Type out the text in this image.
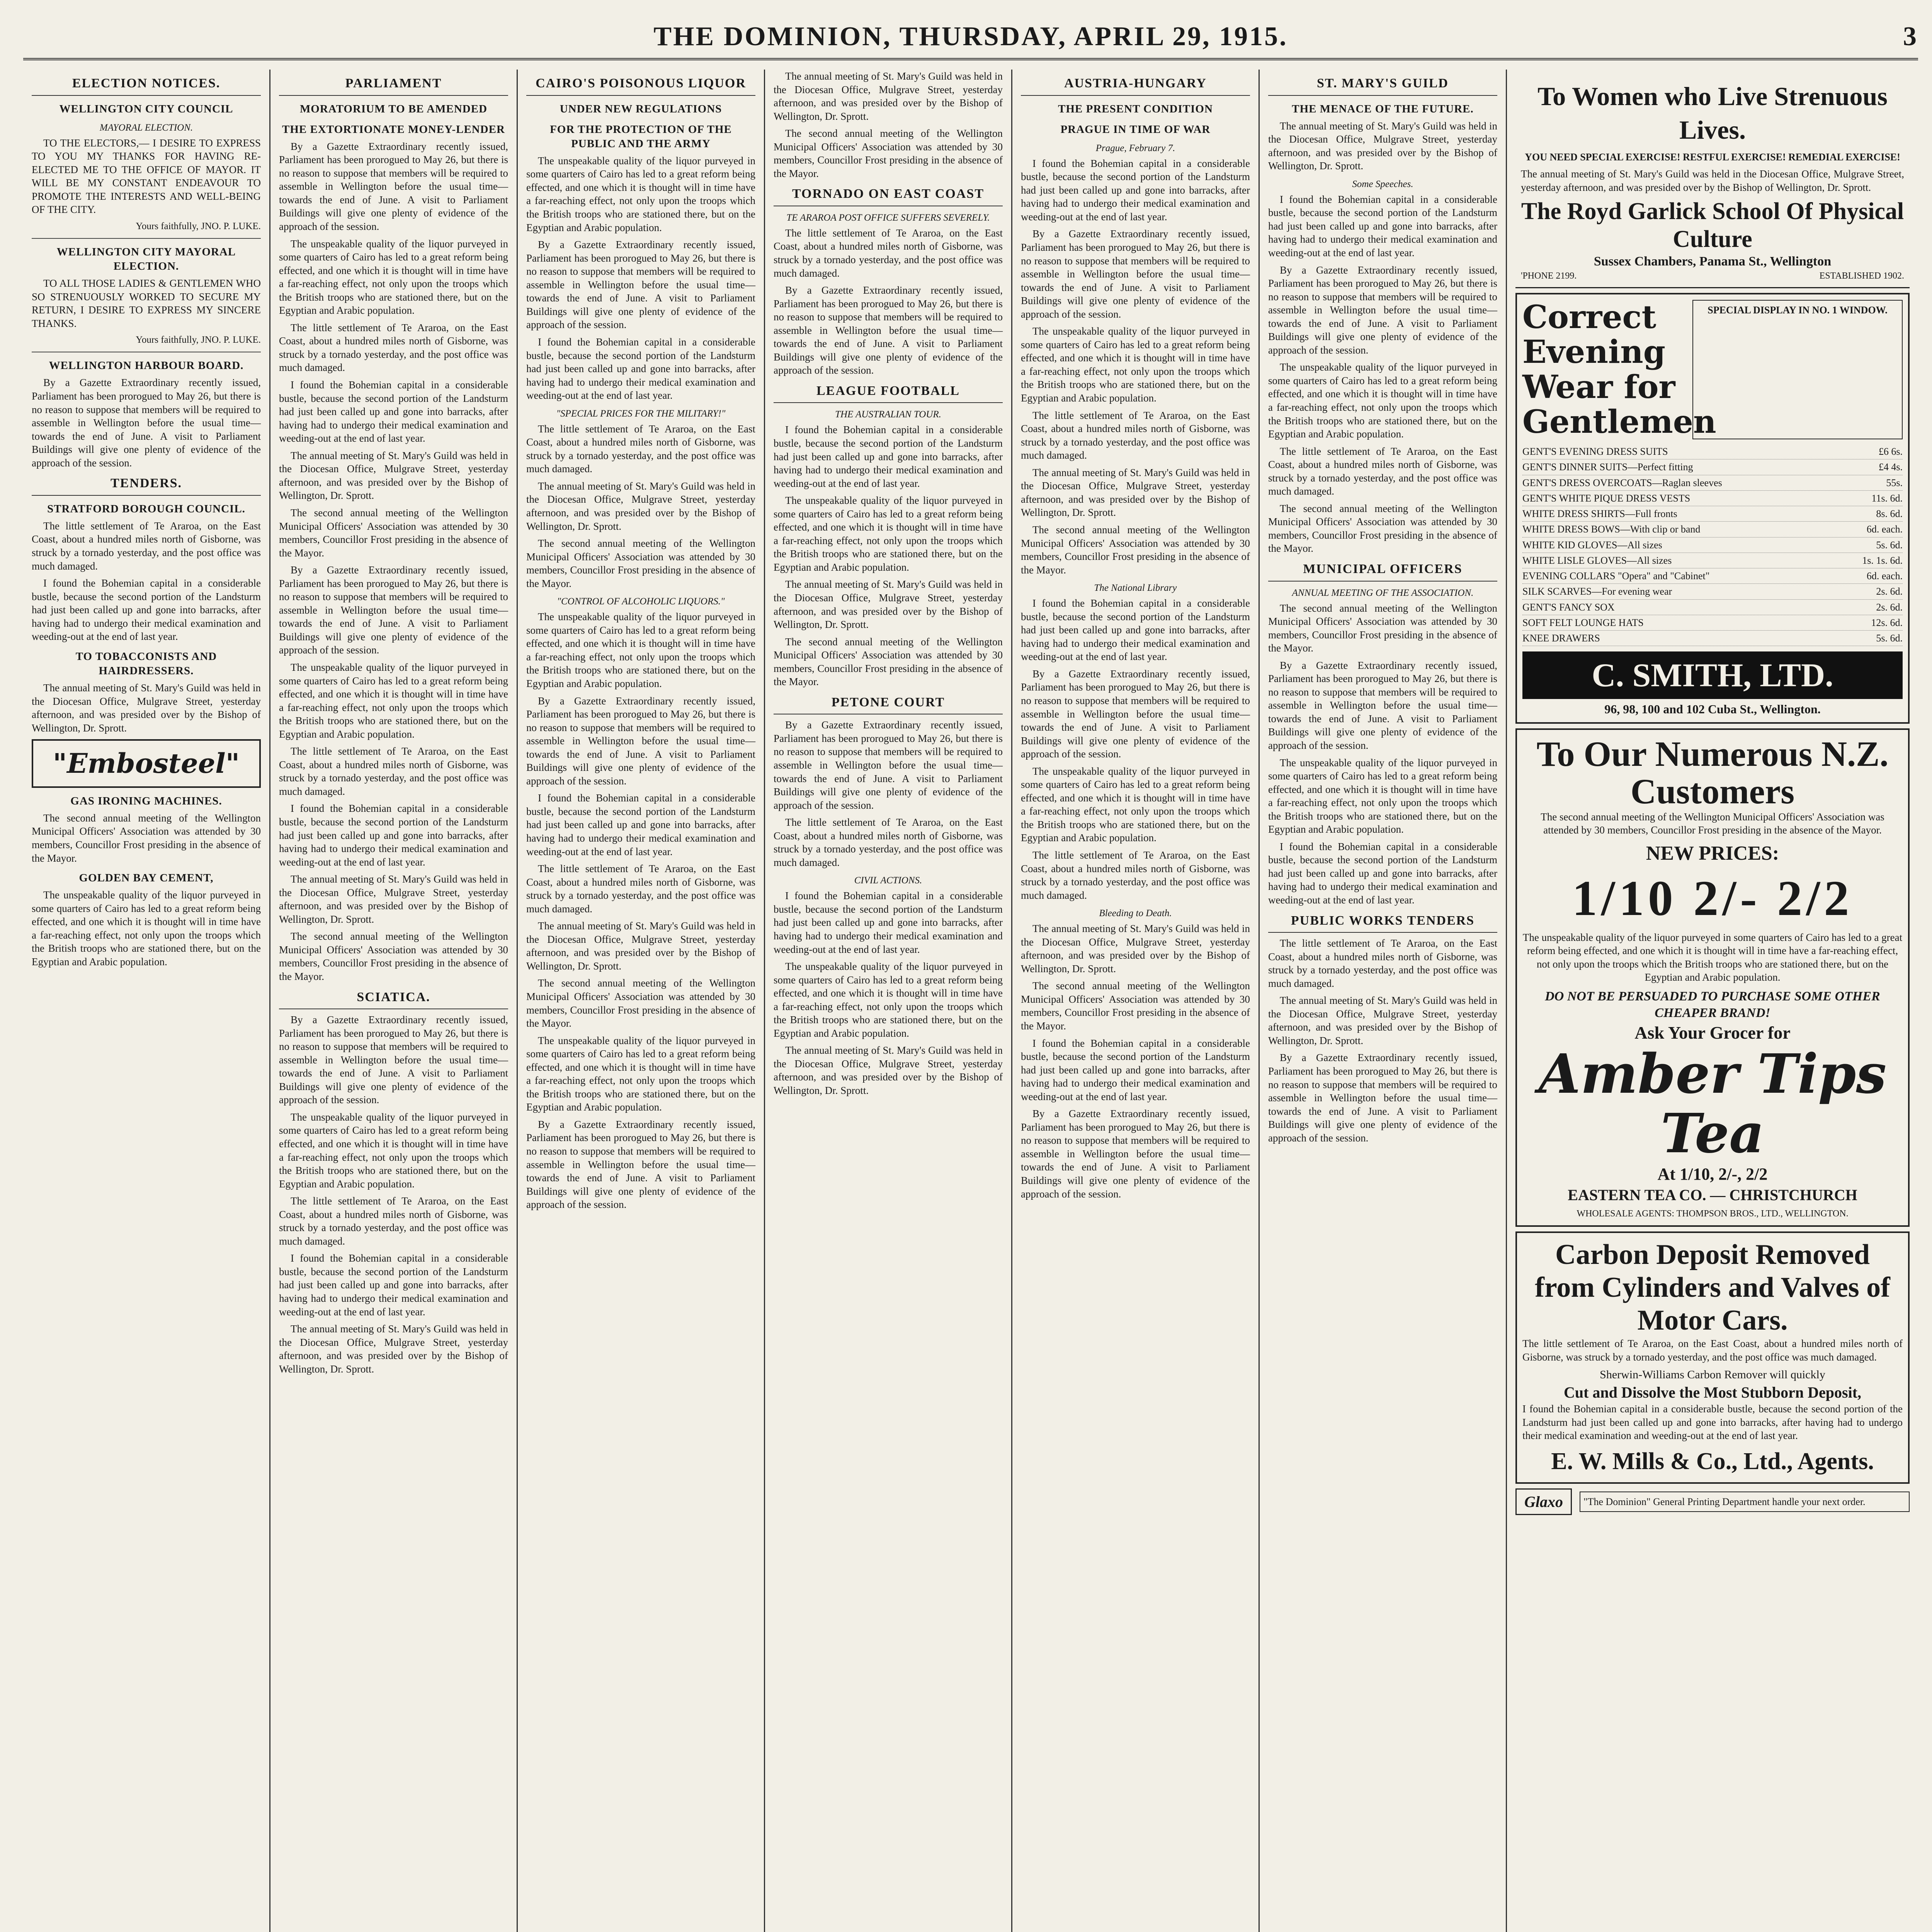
THE DOMINION, THURSDAY, APRIL 29, 1915.	3
ELECTION NOTICES.
WELLINGTON CITY COUNCIL
MAYORAL ELECTION.

TO THE ELECTORS,— I DESIRE TO EXPRESS TO YOU MY THANKS FOR HAVING RE-ELECTED ME TO THE OFFICE OF MAYOR. IT WILL BE MY CONSTANT ENDEAVOUR TO PROMOTE THE INTERESTS AND WELL-BEING OF THE CITY.

Yours faithfully, JNO. P. LUKE.

WELLINGTON CITY MAYORAL ELECTION.

TO ALL THOSE LADIES & GENTLEMEN WHO SO STRENUOUSLY WORKED TO SECURE MY RETURN, I DESIRE TO EXPRESS MY SINCERE THANKS.

Yours faithfully, JNO. P. LUKE.

WELLINGTON HARBOUR BOARD.

By a Gazette Extraordinary recently issued, Parliament has been prorogued to May 26, but there is no reason to suppose that members will be required to assemble in Wellington before the usual time—towards the end of June. A visit to Parliament Buildings will give one plenty of evidence of the approach of the session.

TENDERS.
STRATFORD BOROUGH COUNCIL.

The little settlement of Te Araroa, on the East Coast, about a hundred miles north of Gisborne, was struck by a tornado yesterday, and the post office was much damaged.

I found the Bohemian capital in a considerable bustle, because the second portion of the Landsturm had just been called up and gone into barracks, after having had to undergo their medical examination and weeding-out at the end of last year.

TO TOBACCONISTS AND HAIRDRESSERS.

The annual meeting of St. Mary's Guild was held in the Diocesan Office, Mulgrave Street, yesterday afternoon, and was presided over by the Bishop of Wellington, Dr. Sprott.

"Embosteel"
GAS IRONING MACHINES.

The second annual meeting of the Wellington Municipal Officers' Association was attended by 30 members, Councillor Frost presiding in the absence of the Mayor.

GOLDEN BAY CEMENT,

The unspeakable quality of the liquor purveyed in some quarters of Cairo has led to a great reform being effected, and one which it is thought will in time have a far-reaching effect, not only upon the troops which the British troops who are stationed there, but on the Egyptian and Arabic population.

PARLIAMENT
MORATORIUM TO BE AMENDED
THE EXTORTIONATE MONEY-LENDER

By a Gazette Extraordinary recently issued, Parliament has been prorogued to May 26, but there is no reason to suppose that members will be required to assemble in Wellington before the usual time—towards the end of June. A visit to Parliament Buildings will give one plenty of evidence of the approach of the session.

The unspeakable quality of the liquor purveyed in some quarters of Cairo has led to a great reform being effected, and one which it is thought will in time have a far-reaching effect, not only upon the troops which the British troops who are stationed there, but on the Egyptian and Arabic population.

The little settlement of Te Araroa, on the East Coast, about a hundred miles north of Gisborne, was struck by a tornado yesterday, and the post office was much damaged.

I found the Bohemian capital in a considerable bustle, because the second portion of the Landsturm had just been called up and gone into barracks, after having had to undergo their medical examination and weeding-out at the end of last year.

The annual meeting of St. Mary's Guild was held in the Diocesan Office, Mulgrave Street, yesterday afternoon, and was presided over by the Bishop of Wellington, Dr. Sprott.

The second annual meeting of the Wellington Municipal Officers' Association was attended by 30 members, Councillor Frost presiding in the absence of the Mayor.

By a Gazette Extraordinary recently issued, Parliament has been prorogued to May 26, but there is no reason to suppose that members will be required to assemble in Wellington before the usual time—towards the end of June. A visit to Parliament Buildings will give one plenty of evidence of the approach of the session.

The unspeakable quality of the liquor purveyed in some quarters of Cairo has led to a great reform being effected, and one which it is thought will in time have a far-reaching effect, not only upon the troops which the British troops who are stationed there, but on the Egyptian and Arabic population.

The little settlement of Te Araroa, on the East Coast, about a hundred miles north of Gisborne, was struck by a tornado yesterday, and the post office was much damaged.

I found the Bohemian capital in a considerable bustle, because the second portion of the Landsturm had just been called up and gone into barracks, after having had to undergo their medical examination and weeding-out at the end of last year.

The annual meeting of St. Mary's Guild was held in the Diocesan Office, Mulgrave Street, yesterday afternoon, and was presided over by the Bishop of Wellington, Dr. Sprott.

The second annual meeting of the Wellington Municipal Officers' Association was attended by 30 members, Councillor Frost presiding in the absence of the Mayor.

SCIATICA.

By a Gazette Extraordinary recently issued, Parliament has been prorogued to May 26, but there is no reason to suppose that members will be required to assemble in Wellington before the usual time—towards the end of June. A visit to Parliament Buildings will give one plenty of evidence of the approach of the session.

The unspeakable quality of the liquor purveyed in some quarters of Cairo has led to a great reform being effected, and one which it is thought will in time have a far-reaching effect, not only upon the troops which the British troops who are stationed there, but on the Egyptian and Arabic population.

The little settlement of Te Araroa, on the East Coast, about a hundred miles north of Gisborne, was struck by a tornado yesterday, and the post office was much damaged.

I found the Bohemian capital in a considerable bustle, because the second portion of the Landsturm had just been called up and gone into barracks, after having had to undergo their medical examination and weeding-out at the end of last year.

The annual meeting of St. Mary's Guild was held in the Diocesan Office, Mulgrave Street, yesterday afternoon, and was presided over by the Bishop of Wellington, Dr. Sprott.

CAIRO'S POISONOUS LIQUOR
UNDER NEW REGULATIONS
FOR THE PROTECTION OF THE PUBLIC AND THE ARMY

The unspeakable quality of the liquor purveyed in some quarters of Cairo has led to a great reform being effected, and one which it is thought will in time have a far-reaching effect, not only upon the troops which the British troops who are stationed there, but on the Egyptian and Arabic population.

By a Gazette Extraordinary recently issued, Parliament has been prorogued to May 26, but there is no reason to suppose that members will be required to assemble in Wellington before the usual time—towards the end of June. A visit to Parliament Buildings will give one plenty of evidence of the approach of the session.

I found the Bohemian capital in a considerable bustle, because the second portion of the Landsturm had just been called up and gone into barracks, after having had to undergo their medical examination and weeding-out at the end of last year.

"SPECIAL PRICES FOR THE MILITARY!"

The little settlement of Te Araroa, on the East Coast, about a hundred miles north of Gisborne, was struck by a tornado yesterday, and the post office was much damaged.

The annual meeting of St. Mary's Guild was held in the Diocesan Office, Mulgrave Street, yesterday afternoon, and was presided over by the Bishop of Wellington, Dr. Sprott.

The second annual meeting of the Wellington Municipal Officers' Association was attended by 30 members, Councillor Frost presiding in the absence of the Mayor.

"CONTROL OF ALCOHOLIC LIQUORS."

The unspeakable quality of the liquor purveyed in some quarters of Cairo has led to a great reform being effected, and one which it is thought will in time have a far-reaching effect, not only upon the troops which the British troops who are stationed there, but on the Egyptian and Arabic population.

By a Gazette Extraordinary recently issued, Parliament has been prorogued to May 26, but there is no reason to suppose that members will be required to assemble in Wellington before the usual time—towards the end of June. A visit to Parliament Buildings will give one plenty of evidence of the approach of the session.

I found the Bohemian capital in a considerable bustle, because the second portion of the Landsturm had just been called up and gone into barracks, after having had to undergo their medical examination and weeding-out at the end of last year.

The little settlement of Te Araroa, on the East Coast, about a hundred miles north of Gisborne, was struck by a tornado yesterday, and the post office was much damaged.

The annual meeting of St. Mary's Guild was held in the Diocesan Office, Mulgrave Street, yesterday afternoon, and was presided over by the Bishop of Wellington, Dr. Sprott.

The second annual meeting of the Wellington Municipal Officers' Association was attended by 30 members, Councillor Frost presiding in the absence of the Mayor.

The unspeakable quality of the liquor purveyed in some quarters of Cairo has led to a great reform being effected, and one which it is thought will in time have a far-reaching effect, not only upon the troops which the British troops who are stationed there, but on the Egyptian and Arabic population.

By a Gazette Extraordinary recently issued, Parliament has been prorogued to May 26, but there is no reason to suppose that members will be required to assemble in Wellington before the usual time—towards the end of June. A visit to Parliament Buildings will give one plenty of evidence of the approach of the session.

The annual meeting of St. Mary's Guild was held in the Diocesan Office, Mulgrave Street, yesterday afternoon, and was presided over by the Bishop of Wellington, Dr. Sprott.

The second annual meeting of the Wellington Municipal Officers' Association was attended by 30 members, Councillor Frost presiding in the absence of the Mayor.

TORNADO ON EAST COAST
TE ARAROA POST OFFICE SUFFERS SEVERELY.

The little settlement of Te Araroa, on the East Coast, about a hundred miles north of Gisborne, was struck by a tornado yesterday, and the post office was much damaged.

By a Gazette Extraordinary recently issued, Parliament has been prorogued to May 26, but there is no reason to suppose that members will be required to assemble in Wellington before the usual time—towards the end of June. A visit to Parliament Buildings will give one plenty of evidence of the approach of the session.

LEAGUE FOOTBALL
THE AUSTRALIAN TOUR.

I found the Bohemian capital in a considerable bustle, because the second portion of the Landsturm had just been called up and gone into barracks, after having had to undergo their medical examination and weeding-out at the end of last year.

The unspeakable quality of the liquor purveyed in some quarters of Cairo has led to a great reform being effected, and one which it is thought will in time have a far-reaching effect, not only upon the troops which the British troops who are stationed there, but on the Egyptian and Arabic population.

The annual meeting of St. Mary's Guild was held in the Diocesan Office, Mulgrave Street, yesterday afternoon, and was presided over by the Bishop of Wellington, Dr. Sprott.

The second annual meeting of the Wellington Municipal Officers' Association was attended by 30 members, Councillor Frost presiding in the absence of the Mayor.

PETONE COURT

By a Gazette Extraordinary recently issued, Parliament has been prorogued to May 26, but there is no reason to suppose that members will be required to assemble in Wellington before the usual time—towards the end of June. A visit to Parliament Buildings will give one plenty of evidence of the approach of the session.

The little settlement of Te Araroa, on the East Coast, about a hundred miles north of Gisborne, was struck by a tornado yesterday, and the post office was much damaged.

CIVIL ACTIONS.

I found the Bohemian capital in a considerable bustle, because the second portion of the Landsturm had just been called up and gone into barracks, after having had to undergo their medical examination and weeding-out at the end of last year.

The unspeakable quality of the liquor purveyed in some quarters of Cairo has led to a great reform being effected, and one which it is thought will in time have a far-reaching effect, not only upon the troops which the British troops who are stationed there, but on the Egyptian and Arabic population.

The annual meeting of St. Mary's Guild was held in the Diocesan Office, Mulgrave Street, yesterday afternoon, and was presided over by the Bishop of Wellington, Dr. Sprott.

AUSTRIA-HUNGARY
THE PRESENT CONDITION
PRAGUE IN TIME OF WAR
Prague, February 7.

I found the Bohemian capital in a considerable bustle, because the second portion of the Landsturm had just been called up and gone into barracks, after having had to undergo their medical examination and weeding-out at the end of last year.

By a Gazette Extraordinary recently issued, Parliament has been prorogued to May 26, but there is no reason to suppose that members will be required to assemble in Wellington before the usual time—towards the end of June. A visit to Parliament Buildings will give one plenty of evidence of the approach of the session.

The unspeakable quality of the liquor purveyed in some quarters of Cairo has led to a great reform being effected, and one which it is thought will in time have a far-reaching effect, not only upon the troops which the British troops who are stationed there, but on the Egyptian and Arabic population.

The little settlement of Te Araroa, on the East Coast, about a hundred miles north of Gisborne, was struck by a tornado yesterday, and the post office was much damaged.

The annual meeting of St. Mary's Guild was held in the Diocesan Office, Mulgrave Street, yesterday afternoon, and was presided over by the Bishop of Wellington, Dr. Sprott.

The second annual meeting of the Wellington Municipal Officers' Association was attended by 30 members, Councillor Frost presiding in the absence of the Mayor.

The National Library

I found the Bohemian capital in a considerable bustle, because the second portion of the Landsturm had just been called up and gone into barracks, after having had to undergo their medical examination and weeding-out at the end of last year.

By a Gazette Extraordinary recently issued, Parliament has been prorogued to May 26, but there is no reason to suppose that members will be required to assemble in Wellington before the usual time—towards the end of June. A visit to Parliament Buildings will give one plenty of evidence of the approach of the session.

The unspeakable quality of the liquor purveyed in some quarters of Cairo has led to a great reform being effected, and one which it is thought will in time have a far-reaching effect, not only upon the troops which the British troops who are stationed there, but on the Egyptian and Arabic population.

The little settlement of Te Araroa, on the East Coast, about a hundred miles north of Gisborne, was struck by a tornado yesterday, and the post office was much damaged.

Bleeding to Death.

The annual meeting of St. Mary's Guild was held in the Diocesan Office, Mulgrave Street, yesterday afternoon, and was presided over by the Bishop of Wellington, Dr. Sprott.

The second annual meeting of the Wellington Municipal Officers' Association was attended by 30 members, Councillor Frost presiding in the absence of the Mayor.

I found the Bohemian capital in a considerable bustle, because the second portion of the Landsturm had just been called up and gone into barracks, after having had to undergo their medical examination and weeding-out at the end of last year.

By a Gazette Extraordinary recently issued, Parliament has been prorogued to May 26, but there is no reason to suppose that members will be required to assemble in Wellington before the usual time—towards the end of June. A visit to Parliament Buildings will give one plenty of evidence of the approach of the session.

ST. MARY'S GUILD
THE MENACE OF THE FUTURE.

The annual meeting of St. Mary's Guild was held in the Diocesan Office, Mulgrave Street, yesterday afternoon, and was presided over by the Bishop of Wellington, Dr. Sprott.

Some Speeches.

I found the Bohemian capital in a considerable bustle, because the second portion of the Landsturm had just been called up and gone into barracks, after having had to undergo their medical examination and weeding-out at the end of last year.

By a Gazette Extraordinary recently issued, Parliament has been prorogued to May 26, but there is no reason to suppose that members will be required to assemble in Wellington before the usual time—towards the end of June. A visit to Parliament Buildings will give one plenty of evidence of the approach of the session.

The unspeakable quality of the liquor purveyed in some quarters of Cairo has led to a great reform being effected, and one which it is thought will in time have a far-reaching effect, not only upon the troops which the British troops who are stationed there, but on the Egyptian and Arabic population.

The little settlement of Te Araroa, on the East Coast, about a hundred miles north of Gisborne, was struck by a tornado yesterday, and the post office was much damaged.

The second annual meeting of the Wellington Municipal Officers' Association was attended by 30 members, Councillor Frost presiding in the absence of the Mayor.

MUNICIPAL OFFICERS
ANNUAL MEETING OF THE ASSOCIATION.

The second annual meeting of the Wellington Municipal Officers' Association was attended by 30 members, Councillor Frost presiding in the absence of the Mayor.

By a Gazette Extraordinary recently issued, Parliament has been prorogued to May 26, but there is no reason to suppose that members will be required to assemble in Wellington before the usual time—towards the end of June. A visit to Parliament Buildings will give one plenty of evidence of the approach of the session.

The unspeakable quality of the liquor purveyed in some quarters of Cairo has led to a great reform being effected, and one which it is thought will in time have a far-reaching effect, not only upon the troops which the British troops who are stationed there, but on the Egyptian and Arabic population.

I found the Bohemian capital in a considerable bustle, because the second portion of the Landsturm had just been called up and gone into barracks, after having had to undergo their medical examination and weeding-out at the end of last year.

PUBLIC WORKS TENDERS

The little settlement of Te Araroa, on the East Coast, about a hundred miles north of Gisborne, was struck by a tornado yesterday, and the post office was much damaged.

The annual meeting of St. Mary's Guild was held in the Diocesan Office, Mulgrave Street, yesterday afternoon, and was presided over by the Bishop of Wellington, Dr. Sprott.

By a Gazette Extraordinary recently issued, Parliament has been prorogued to May 26, but there is no reason to suppose that members will be required to assemble in Wellington before the usual time—towards the end of June. A visit to Parliament Buildings will give one plenty of evidence of the approach of the session.

To Women who Live Strenuous Lives.
YOU NEED SPECIAL EXERCISE! RESTFUL EXERCISE! REMEDIAL EXERCISE!

The annual meeting of St. Mary's Guild was held in the Diocesan Office, Mulgrave Street, yesterday afternoon, and was presided over by the Bishop of Wellington, Dr. Sprott.

The Royd Garlick School Of Physical Culture
Sussex Chambers, Panama St., Wellington
'PHONE 2199.	ESTABLISHED 1902.
Correct Evening Wear for Gentlemen
SPECIAL DISPLAY IN NO. 1 WINDOW.
GENT'S EVENING DRESS SUITS	£6 6s.
GENT'S DINNER SUITS—Perfect fitting	£4 4s.
GENT'S DRESS OVERCOATS—Raglan sleeves	55s.
GENT'S WHITE PIQUE DRESS VESTS	11s. 6d.
WHITE DRESS SHIRTS—Full fronts	8s. 6d.
WHITE DRESS BOWS—With clip or band	6d. each.
WHITE KID GLOVES—All sizes	5s. 6d.
WHITE LISLE GLOVES—All sizes	1s. 1s. 6d.
EVENING COLLARS "Opera" and "Cabinet"	6d. each.
SILK SCARVES—For evening wear	2s. 6d.
GENT'S FANCY SOX	2s. 6d.
SOFT FELT LOUNGE HATS	12s. 6d.
KNEE DRAWERS	5s. 6d.
C. SMITH, LTD.
96, 98, 100 and 102 Cuba St., Wellington.
To Our Numerous N.Z. Customers

The second annual meeting of the Wellington Municipal Officers' Association was attended by 30 members, Councillor Frost presiding in the absence of the Mayor.

NEW PRICES:
1/10 2/- 2/2

The unspeakable quality of the liquor purveyed in some quarters of Cairo has led to a great reform being effected, and one which it is thought will in time have a far-reaching effect, not only upon the troops which the British troops who are stationed there, but on the Egyptian and Arabic population.

DO NOT BE PERSUADED TO PURCHASE SOME OTHER CHEAPER BRAND!
Ask Your Grocer for
Amber Tips Tea
At 1/10, 2/-, 2/2
EASTERN TEA CO. — CHRISTCHURCH
WHOLESALE AGENTS: THOMPSON BROS., LTD., WELLINGTON.
Carbon Deposit Removed from Cylinders and Valves of Motor Cars.

The little settlement of Te Araroa, on the East Coast, about a hundred miles north of Gisborne, was struck by a tornado yesterday, and the post office was much damaged.

Sherwin-Williams Carbon Remover will quickly
Cut and Dissolve the Most Stubborn Deposit,

I found the Bohemian capital in a considerable bustle, because the second portion of the Landsturm had just been called up and gone into barracks, after having had to undergo their medical examination and weeding-out at the end of last year.

E. W. Mills & Co., Ltd., Agents.
Glaxo	"The Dominion" General Printing Department handle your next order.
